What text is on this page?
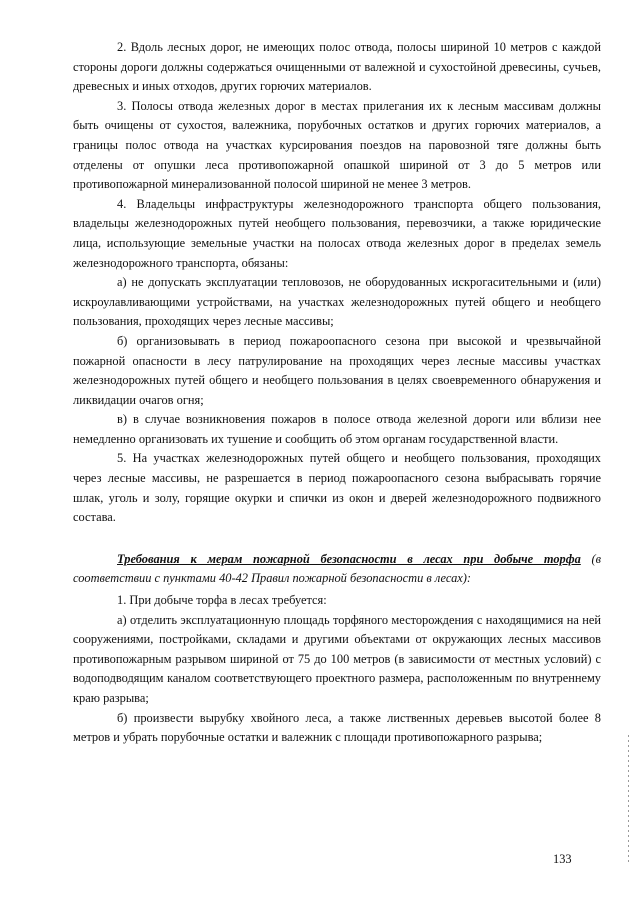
2. Вдоль лесных дорог, не имеющих полос отвода, полосы шириной 10 метров с каждой стороны дороги должны содержаться очищенными от валежной и сухостойной древесины, сучьев, древесных и иных отходов, других горючих материалов.

3. Полосы отвода железных дорог в местах прилегания их к лесным массивам должны быть очищены от сухостоя, валежника, порубочных остатков и других горючих материалов, а границы полос отвода на участках курсирования поездов на паровозной тяге должны быть отделены от опушки леса противопожарной опашкой шириной от 3 до 5 метров или противопожарной минерализованной полосой шириной не менее 3 метров.

4. Владельцы инфраструктуры железнодорожного транспорта общего пользования, владельцы железнодорожных путей необщего пользования, перевозчики, а также юридические лица, использующие земельные участки на полосах отвода железных дорог в пределах земель железнодорожного транспорта, обязаны:

а) не допускать эксплуатации тепловозов, не оборудованных искрогасительными и (или) искроулавливающими устройствами, на участках железнодорожных путей общего и необщего пользования, проходящих через лесные массивы;

б) организовывать в период пожароопасного сезона при высокой и чрезвычайной пожарной опасности в лесу патрулирование на проходящих через лесные массивы участках железнодорожных путей общего и необщего пользования в целях своевременного обнаружения и ликвидации очагов огня;

в) в случае возникновения пожаров в полосе отвода железной дороги или вблизи нее немедленно организовать их тушение и сообщить об этом органам государственной власти.

5. На участках железнодорожных путей общего и необщего пользования, проходящих через лесные массивы, не разрешается в период пожароопасного сезона выбрасывать горячие шлак, уголь и золу, горящие окурки и спички из окон и дверей железнодорожного подвижного состава.

Требования к мерам пожарной безопасности в лесах при добыче торфа (в соответствии с пунктами 40-42 Правил пожарной безопасности в лесах):

1. При добыче торфа в лесах требуется:

а) отделить эксплуатационную площадь торфяного месторождения с находящимися на ней сооружениями, постройками, складами и другими объектами от окружающих лесных массивов противопожарным разрывом шириной от 75 до 100 метров (в зависимости от местных условий) с водоподводящим каналом соответствующего проектного размера, расположенным по внутреннему краю разрыва;

б) произвести вырубку хвойного леса, а также лиственных деревьев высотой более 8 метров и убрать порубочные остатки и валежник с площади противопожарного разрыва;

133
